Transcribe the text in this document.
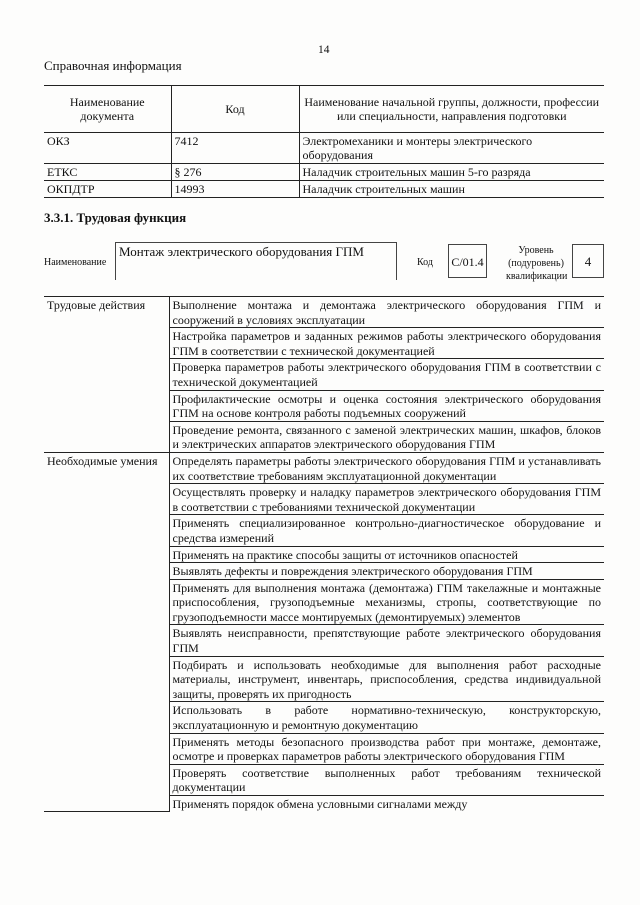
14
Справочная информация
Наименование документа	Код	Наименование начальной группы, должности, профессии или специальности, направления подготовки
ОКЗ	7412	Электромеханики и монтеры электрического оборудования
ЕТКС	§ 276	Наладчик строительных машин 5-го разряда
ОКПДТР	14993	Наладчик строительных машин
3.3.1. Трудовая функция
Наименование
Монтаж электрического оборудования ГПМ
Код С/01.4
Уровень (подуровень) квалификации
4
Трудовые действия	Выполнение монтажа и демонтажа электрического оборудования ГПМ и сооружений в условиях эксплуатации
	Настройка параметров и заданных режимов работы электрического оборудования ГПМ в соответствии с технической документацией
	Проверка параметров работы электрического оборудования ГПМ в соответствии с технической документацией
	Профилактические осмотры и оценка состояния электрического оборудования ГПМ на основе контроля работы подъемных сооружений
	Проведение ремонта, связанного с заменой электрических машин, шкафов, блоков и электрических аппаратов электрического оборудования ГПМ
Необходимые умения	Определять параметры работы электрического оборудования ГПМ и устанавливать их соответствие требованиям эксплуатационной документации
	Осуществлять проверку и наладку параметров электрического оборудования ГПМ в соответствии с требованиями технической документации
	Применять специализированное контрольно-диагностическое оборудование и средства измерений
	Применять на практике способы защиты от источников опасностей
	Выявлять дефекты и повреждения электрического оборудования ГПМ
	Применять для выполнения монтажа (демонтажа) ГПМ такелажные и монтажные приспособления, грузоподъемные механизмы, стропы, соответствующие по грузоподъемности массе монтируемых (демонтируемых) элементов
	Выявлять неисправности, препятствующие работе электрического оборудования ГПМ
	Подбирать и использовать необходимые для выполнения работ расходные материалы, инструмент, инвентарь, приспособления, средства индивидуальной защиты, проверять их пригодность
	Использовать в работе нормативно-техническую, конструкторскую, эксплуатационную и ремонтную документацию
	Применять методы безопасного производства работ при монтаже, демонтаже, осмотре и проверках параметров работы электрического оборудования ГПМ
	Проверять соответствие выполненных работ требованиям технической документации
	Применять порядок обмена условными сигналами между
